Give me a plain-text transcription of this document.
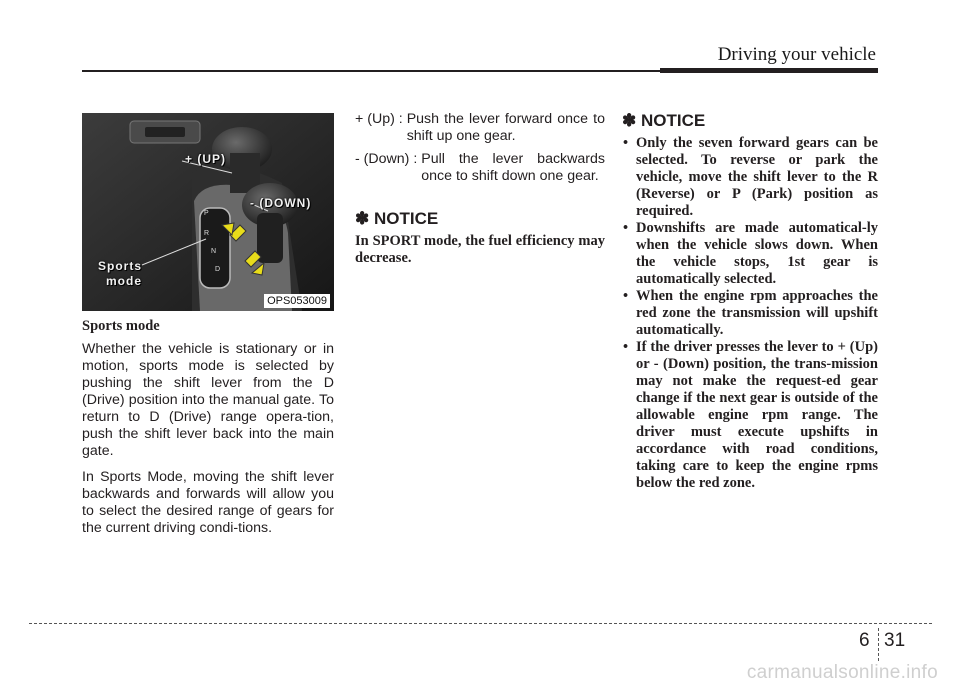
Driving your vehicle
P
R
N
D
+ (UP)
- (DOWN)
Sports
mode
OPS053009
Sports mode

Whether the vehicle is stationary or in motion, sports mode is selected by pushing the shift lever from the D (Drive) position into the manual gate. To return to D (Drive) range opera-tion, push the shift lever back into the main gate.

In Sports Mode, moving the shift lever backwards and forwards will allow you to select the desired range of gears for the current driving condi-tions.

+ (Up) : Push the lever forward once to shift up one gear.
- (Down) : Pull the lever backwards once to shift down one gear.
✽ NOTICE

In SPORT mode, the fuel efficiency may decrease.

✽ NOTICE
• Only the seven forward gears can be selected. To reverse or park the vehicle, move the shift lever to the R (Reverse) or P (Park) position as required.
• Downshifts are made automatical-ly when the vehicle slows down. When the vehicle stops, 1st gear is automatically selected.
• When the engine rpm approaches the red zone the transmission will upshift automatically.
• If the driver presses the lever to + (Up) or - (Down) position, the trans-mission may not make the request-ed gear change if the next gear is outside of the allowable engine rpm range. The driver must execute upshifts in accordance with road conditions, taking care to keep the engine rpms below the red zone.
6 31
carmanualsonline.info
